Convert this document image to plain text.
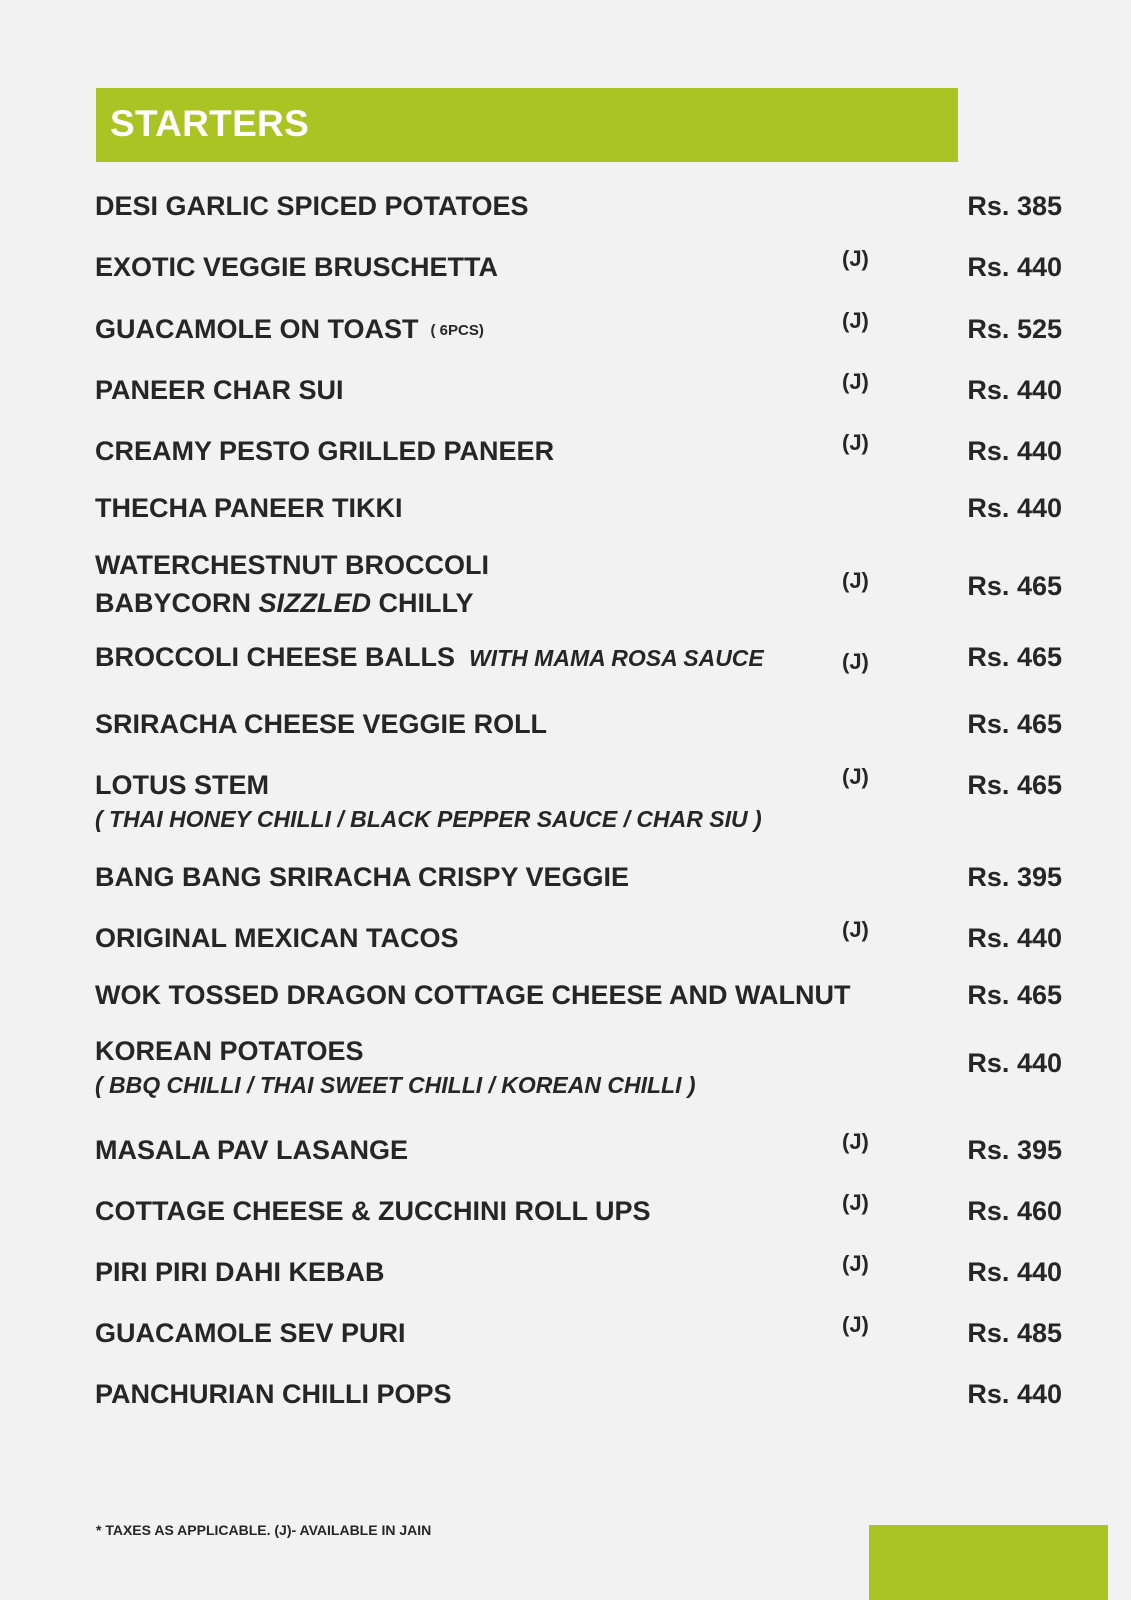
STARTERS
DESI GARLIC SPICED POTATOES	Rs. 385
EXOTIC VEGGIE BRUSCHETTA	(J)	Rs. 440
GUACAMOLE ON TOAST ( 6PCS)	(J)	Rs. 525
PANEER CHAR SUI	(J)	Rs. 440
CREAMY PESTO GRILLED PANEER	(J)	Rs. 440
THECHA PANEER TIKKI	Rs. 440
WATERCHESTNUT BROCCOLI
BABYCORN SIZZLED CHILLY
(J)	Rs. 465
BROCCOLI CHEESE BALLS WITH MAMA ROSA SAUCE	(J)	Rs. 465
SRIRACHA CHEESE VEGGIE ROLL	Rs. 465
LOTUS STEM
( THAI HONEY CHILLI / BLACK PEPPER SAUCE / CHAR SIU )
(J)	Rs. 465
BANG BANG SRIRACHA CRISPY VEGGIE	Rs. 395
ORIGINAL MEXICAN TACOS	(J)	Rs. 440
WOK TOSSED DRAGON COTTAGE CHEESE AND WALNUT	Rs. 465
KOREAN POTATOES
( BBQ CHILLI / THAI SWEET CHILLI / KOREAN CHILLI )
Rs. 440
MASALA PAV LASANGE	(J)	Rs. 395
COTTAGE CHEESE & ZUCCHINI ROLL UPS	(J)	Rs. 460
PIRI PIRI DAHI KEBAB	(J)	Rs. 440
GUACAMOLE SEV PURI	(J)	Rs. 485
PANCHURIAN CHILLI POPS	Rs. 440
* TAXES AS APPLICABLE. (J)- AVAILABLE IN JAIN
